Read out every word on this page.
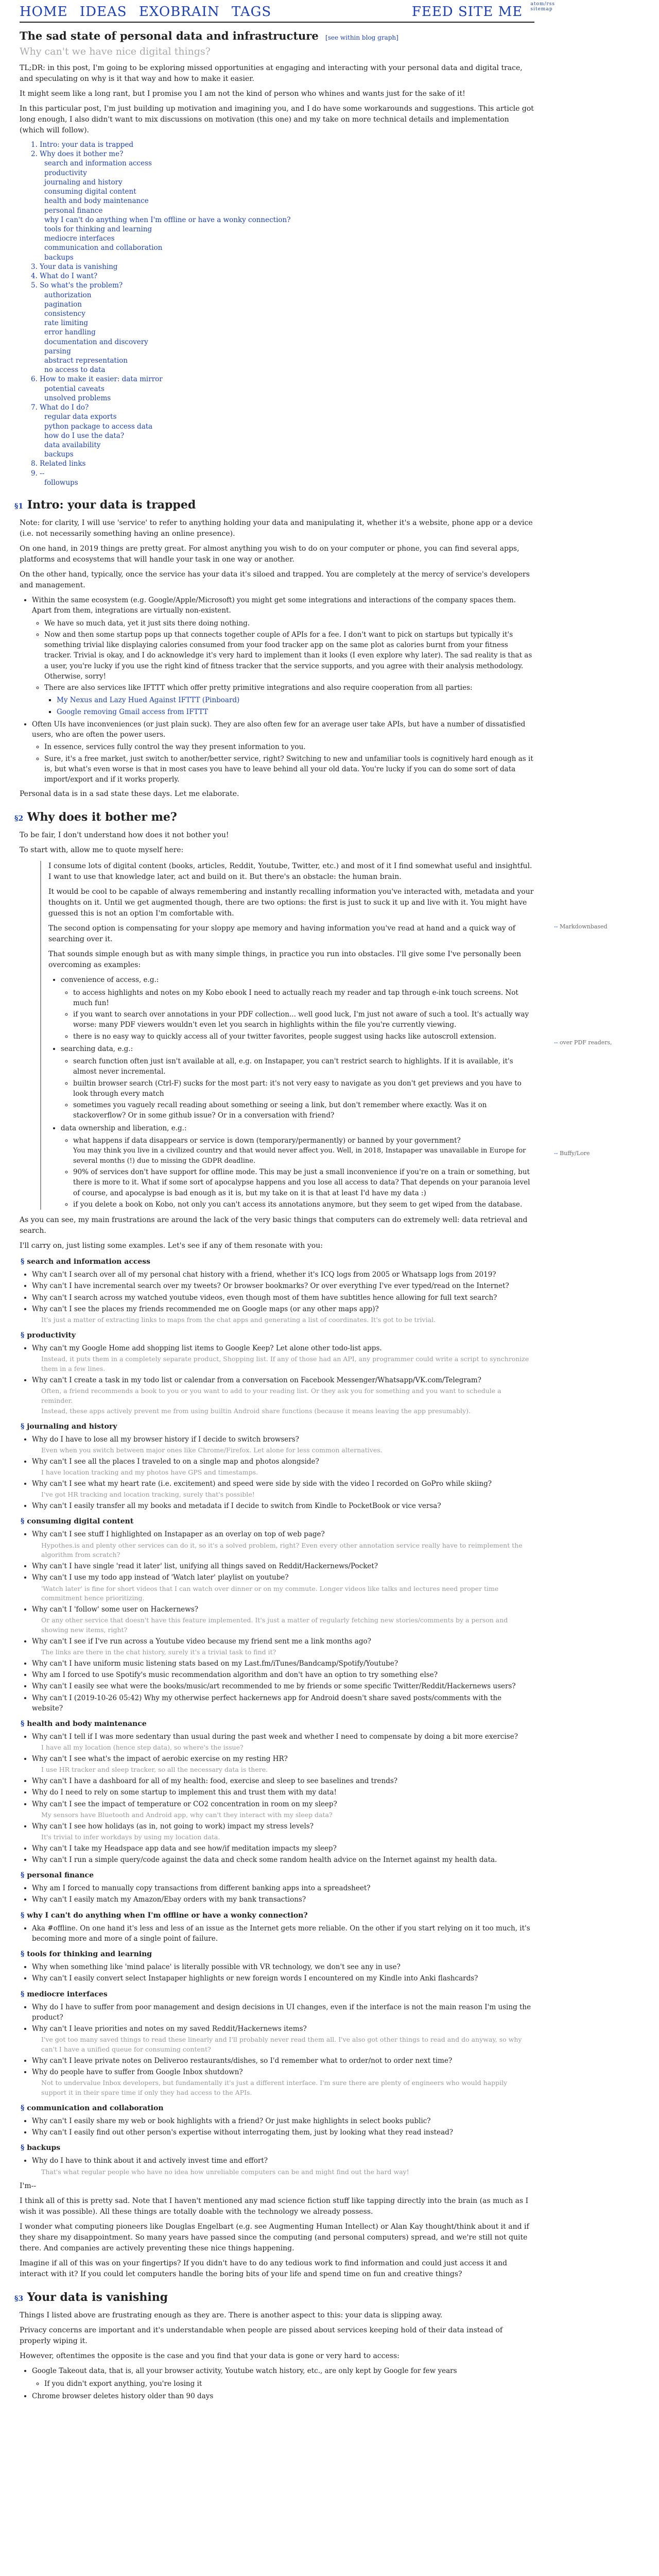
HOME IDEAS EXOBRAIN TAGS	FEED SITE ME atom/rss
sitemap
The sad state of personal data and infrastructure [see within blog graph]
Why can't we have nice digital things?

TL;DR: in this post, I'm going to be exploring missed opportunities at engaging and interacting with your personal data and digital trace, and speculating on why is it that way and how to make it easier.

It might seem like a long rant, but I promise you I am not the kind of person who whines and wants just for the sake of it!

In this particular post, I'm just building up motivation and imagining you, and I do have some workarounds and suggestions. This article got long enough, I also didn't want to mix discussions on motivation (this one) and my take on more technical details and implementation (which will follow).

1. Intro: your data is trapped
2. Why does it bother me?
search and information access
productivity
journaling and history
consuming digital content
health and body maintenance
personal finance
why I can't do anything when I'm offline or have a wonky connection?
tools for thinking and learning
mediocre interfaces
communication and collaboration
backups
3. Your data is vanishing
4. What do I want?
5. So what's the problem?
authorization
pagination
consistency
rate limiting
error handling
documentation and discovery
parsing
abstract representation
no access to data
6. How to make it easier: data mirror
potential caveats
unsolved problems
7. What do I do?
regular data exports
python package to access data
how do I use the data?
data availability
backups
8. Related links
9. --
followups
§1 Intro: your data is trapped

Note: for clarity, I will use 'service' to refer to anything holding your data and manipulating it, whether it's a website, phone app or a device (i.e. not necessarily something having an online presence).

On one hand, in 2019 things are pretty great. For almost anything you wish to do on your computer or phone, you can find several apps, platforms and ecosystems that will handle your task in one way or another.

On the other hand, typically, once the service has your data it's siloed and trapped. You are completely at the mercy of service's developers and management.

• Within the same ecosystem (e.g. Google/Apple/Microsoft) you might get some integrations and interactions of the company spaces them. Apart from them, integrations are virtually non-existent.
◦ We have so much data, yet it just sits there doing nothing.
◦ Now and then some startup pops up that connects together couple of APIs for a fee. I don't want to pick on startups but typically it's something trivial like displaying calories consumed from your food tracker app on the same plot as calories burnt from your fitness tracker. Trivial is okay, and I do acknowledge it's very hard to implement than it looks (I even explore why later). The sad reality is that as a user, you're lucky if you use the right kind of fitness tracker that the service supports, and you agree with their analysis methodology. Otherwise, sorry!
◦ There are also services like IFTTT which offer pretty primitive integrations and also require cooperation from all parties:
▪ My Nexus and Lazy Hued Against IFTTT (Pinboard)
▪ Google removing Gmail access from IFTTT
• Often UIs have inconveniences (or just plain suck). They are also often few for an average user take APIs, but have a number of dissatisfied users, who are often the power users.
◦ In essence, services fully control the way they present information to you.
◦ Sure, it's a free market, just switch to another/better service, right? Switching to new and unfamiliar tools is cognitively hard enough as it is, but what's even worse is that in most cases you have to leave behind all your old data. You're lucky if you can do some sort of data import/export and if it works properly.

Personal data is in a sad state these days. Let me elaborate.

§2 Why does it bother me?

To be fair, I don't understand how does it not bother you!

To start with, allow me to quote myself here:

I consume lots of digital content (books, articles, Reddit, Youtube, Twitter, etc.) and most of it I find somewhat useful and insightful. I want to use that knowledge later, act and build on it. But there's an obstacle: the human brain.

It would be cool to be capable of always remembering and instantly recalling information you've interacted with, metadata and your thoughts on it. Until we get augmented though, there are two options: the first is just to suck it up and live with it. You might have guessed this is not an option I'm comfortable with.

The second option is compensating for your sloppy ape memory and having information you've read at hand and a quick way of searching over it.

That sounds simple enough but as with many simple things, in practice you run into obstacles. I'll give some I've personally been overcoming as examples:

• convenience of access, e.g.:
◦ to access highlights and notes on my Kobo ebook I need to actually reach my reader and tap through e-ink touch screens. Not much fun!
◦ if you want to search over annotations in your PDF collection... well good luck, I'm just not aware of such a tool. It's actually way worse: many PDF viewers wouldn't even let you search in highlights within the file you're currently viewing.
◦ there is no easy way to quickly access all of your twitter favorites, people suggest using hacks like autoscroll extension.
• searching data, e.g.:
◦ search function often just isn't available at all, e.g. on Instapaper, you can't restrict search to highlights. If it is available, it's almost never incremental.
◦ builtin browser search (Ctrl-F) sucks for the most part: it's not very easy to navigate as you don't get previews and you have to look through every match
◦ sometimes you vaguely recall reading about something or seeing a link, but don't remember where exactly. Was it on stackoverflow? Or in some github issue? Or in a conversation with friend?
• data ownership and liberation, e.g.:
◦ what happens if data disappears or service is down (temporary/permanently) or banned by your government?
You may think you live in a civilized country and that would never affect you. Well, in 2018, Instapaper was unavailable in Europe for several months (!) due to missing the GDPR deadline.
◦ 90% of services don't have support for offline mode. This may be just a small inconvenience if you're on a train or something, but there is more to it. What if some sort of apocalypse happens and you lose all access to data? That depends on your paranoia level of course, and apocalypse is bad enough as it is, but my take on it is that at least I'd have my data :)
◦ if you delete a book on Kobo, not only you can't access its annotations anymore, but they seem to get wiped from the database.
-- Markdownbased
-- over PDF readers,
-- Buffy/Lore

As you can see, my main frustrations are around the lack of the very basic things that computers can do extremely well: data retrieval and search.

I'll carry on, just listing some examples. Let's see if any of them resonate with you:

§ search and information access
• Why can't I search over all of my personal chat history with a friend, whether it's ICQ logs from 2005 or Whatsapp logs from 2019?
• Why can't I have incremental search over my tweets? Or browser bookmarks? Or over everything I've ever typed/read on the Internet?
• Why can't I search across my watched youtube videos, even though most of them have subtitles hence allowing for full text search?
• Why can't I see the places my friends recommended me on Google maps (or any other maps app)?
It's just a matter of extracting links to maps from the chat apps and generating a list of coordinates. It's got to be trivial.
§ productivity
• Why can't my Google Home add shopping list items to Google Keep? Let alone other todo-list apps.
Instead, it puts them in a completely separate product, Shopping list. If any of those had an API, any programmer could write a script to synchronize them in a few lines.
• Why can't I create a task in my todo list or calendar from a conversation on Facebook Messenger/Whatsapp/VK.com/Telegram?
Often, a friend recommends a book to you or you want to add to your reading list. Or they ask you for something and you want to schedule a reminder.
Instead, these apps actively prevent me from using builtin Android share functions (because it means leaving the app presumably).
§ journaling and history
• Why do I have to lose all my browser history if I decide to switch browsers?
Even when you switch between major ones like Chrome/Firefox. Let alone for less common alternatives.
• Why can't I see all the places I traveled to on a single map and photos alongside?
I have location tracking and my photos have GPS and timestamps.
• Why can't I see what my heart rate (i.e. excitement) and speed were side by side with the video I recorded on GoPro while skiing?
I've got HR tracking and location tracking, surely that's possible!
• Why can't I easily transfer all my books and metadata if I decide to switch from Kindle to PocketBook or vice versa?
§ consuming digital content
• Why can't I see stuff I highlighted on Instapaper as an overlay on top of web page?
Hypothes.is and plenty other services can do it, so it's a solved problem, right? Even every other annotation service really have to reimplement the algorithm from scratch?
• Why can't I have single 'read it later' list, unifying all things saved on Reddit/Hackernews/Pocket?
• Why can't I use my todo app instead of 'Watch later' playlist on youtube?
'Watch later' is fine for short videos that I can watch over dinner or on my commute. Longer videos like talks and lectures need proper time commitment hence prioritizing.
• Why can't I 'follow' some user on Hackernews?
Or any other service that doesn't have this feature implemented. It's just a matter of regularly fetching new stories/comments by a person and showing new items, right?
• Why can't I see if I've run across a Youtube video because my friend sent me a link months ago?
The links are there in the chat history, surely it's a trivial task to find it?
• Why can't I have uniform music listening stats based on my Last.fm/iTunes/Bandcamp/Spotify/Youtube?
• Why am I forced to use Spotify's music recommendation algorithm and don't have an option to try something else?
• Why can't I easily see what were the books/music/art recommended to me by friends or some specific Twitter/Reddit/Hackernews users?
• Why can't I (2019-10-26 05:42) Why my otherwise perfect hackernews app for Android doesn't share saved posts/comments with the website?
§ health and body maintenance
• Why can't I tell if I was more sedentary than usual during the past week and whether I need to compensate by doing a bit more exercise?
I have all my location (hence step data), so where's the issue?
• Why can't I see what's the impact of aerobic exercise on my resting HR?
I use HR tracker and sleep tracker, so all the necessary data is there.
• Why can't I have a dashboard for all of my health: food, exercise and sleep to see baselines and trends?
• Why do I need to rely on some startup to implement this and trust them with my data!
• Why can't I see the impact of temperature or CO2 concentration in room on my sleep?
My sensors have Bluetooth and Android app, why can't they interact with my sleep data?
• Why can't I see how holidays (as in, not going to work) impact my stress levels?
It's trivial to infer workdays by using my location data.
• Why can't I take my Headspace app data and see how/if meditation impacts my sleep?
• Why can't I run a simple query/code against the data and check some random health advice on the Internet against my health data.
§ personal finance
• Why am I forced to manually copy transactions from different banking apps into a spreadsheet?
• Why can't I easily match my Amazon/Ebay orders with my bank transactions?
§ why I can't do anything when I'm offline or have a wonky connection?
• Aka #offline. On one hand it's less and less of an issue as the Internet gets more reliable. On the other if you start relying on it too much, it's becoming more and more of a single point of failure.
§ tools for thinking and learning
• Why when something like 'mind palace' is literally possible with VR technology, we don't see any in use?
• Why can't I easily convert select Instapaper highlights or new foreign words I encountered on my Kindle into Anki flashcards?
§ mediocre interfaces
• Why do I have to suffer from poor management and design decisions in UI changes, even if the interface is not the main reason I'm using the product?
• Why can't I leave priorities and notes on my saved Reddit/Hackernews items?
I've got too many saved things to read these linearly and I'll probably never read them all. I've also got other things to read and do anyway, so why can't I have a unified queue for consuming content?
• Why can't I leave private notes on Deliveroo restaurants/dishes, so I'd remember what to order/not to order next time?
• Why do people have to suffer from Google Inbox shutdown?
Not to undervalue Inbox developers, but fundamentally it's just a different interface. I'm sure there are plenty of engineers who would happily support it in their spare time if only they had access to the APIs.
§ communication and collaboration
• Why can't I easily share my web or book highlights with a friend? Or just make highlights in select books public?
• Why can't I easily find out other person's expertise without interrogating them, just by looking what they read instead?
§ backups
• Why do I have to think about it and actively invest time and effort?
That's what regular people who have no idea how unreliable computers can be and might find out the hard way!

I'm--

I think all of this is pretty sad. Note that I haven't mentioned any mad science fiction stuff like tapping directly into the brain (as much as I wish it was possible). All these things are totally doable with the technology we already possess.

I wonder what computing pioneers like Douglas Engelbart (e.g. see Augmenting Human Intellect) or Alan Kay thought/think about it and if they share my disappointment. So many years have passed since the computing (and personal computers) spread, and we're still not quite there. And companies are actively preventing these nice things happening.

Imagine if all of this was on your fingertips? If you didn't have to do any tedious work to find information and could just access it and interact with it? If you could let computers handle the boring bits of your life and spend time on fun and creative things?

§3 Your data is vanishing

Things I listed above are frustrating enough as they are. There is another aspect to this: your data is slipping away.

Privacy concerns are important and it's understandable when people are pissed about services keeping hold of their data instead of properly wiping it.

However, oftentimes the opposite is the case and you find that your data is gone or very hard to access:

• Google Takeout data, that is, all your browser activity, Youtube watch history, etc., are only kept by Google for few years
◦ If you didn't export anything, you're losing it
• Chrome browser deletes history older than 90 days
